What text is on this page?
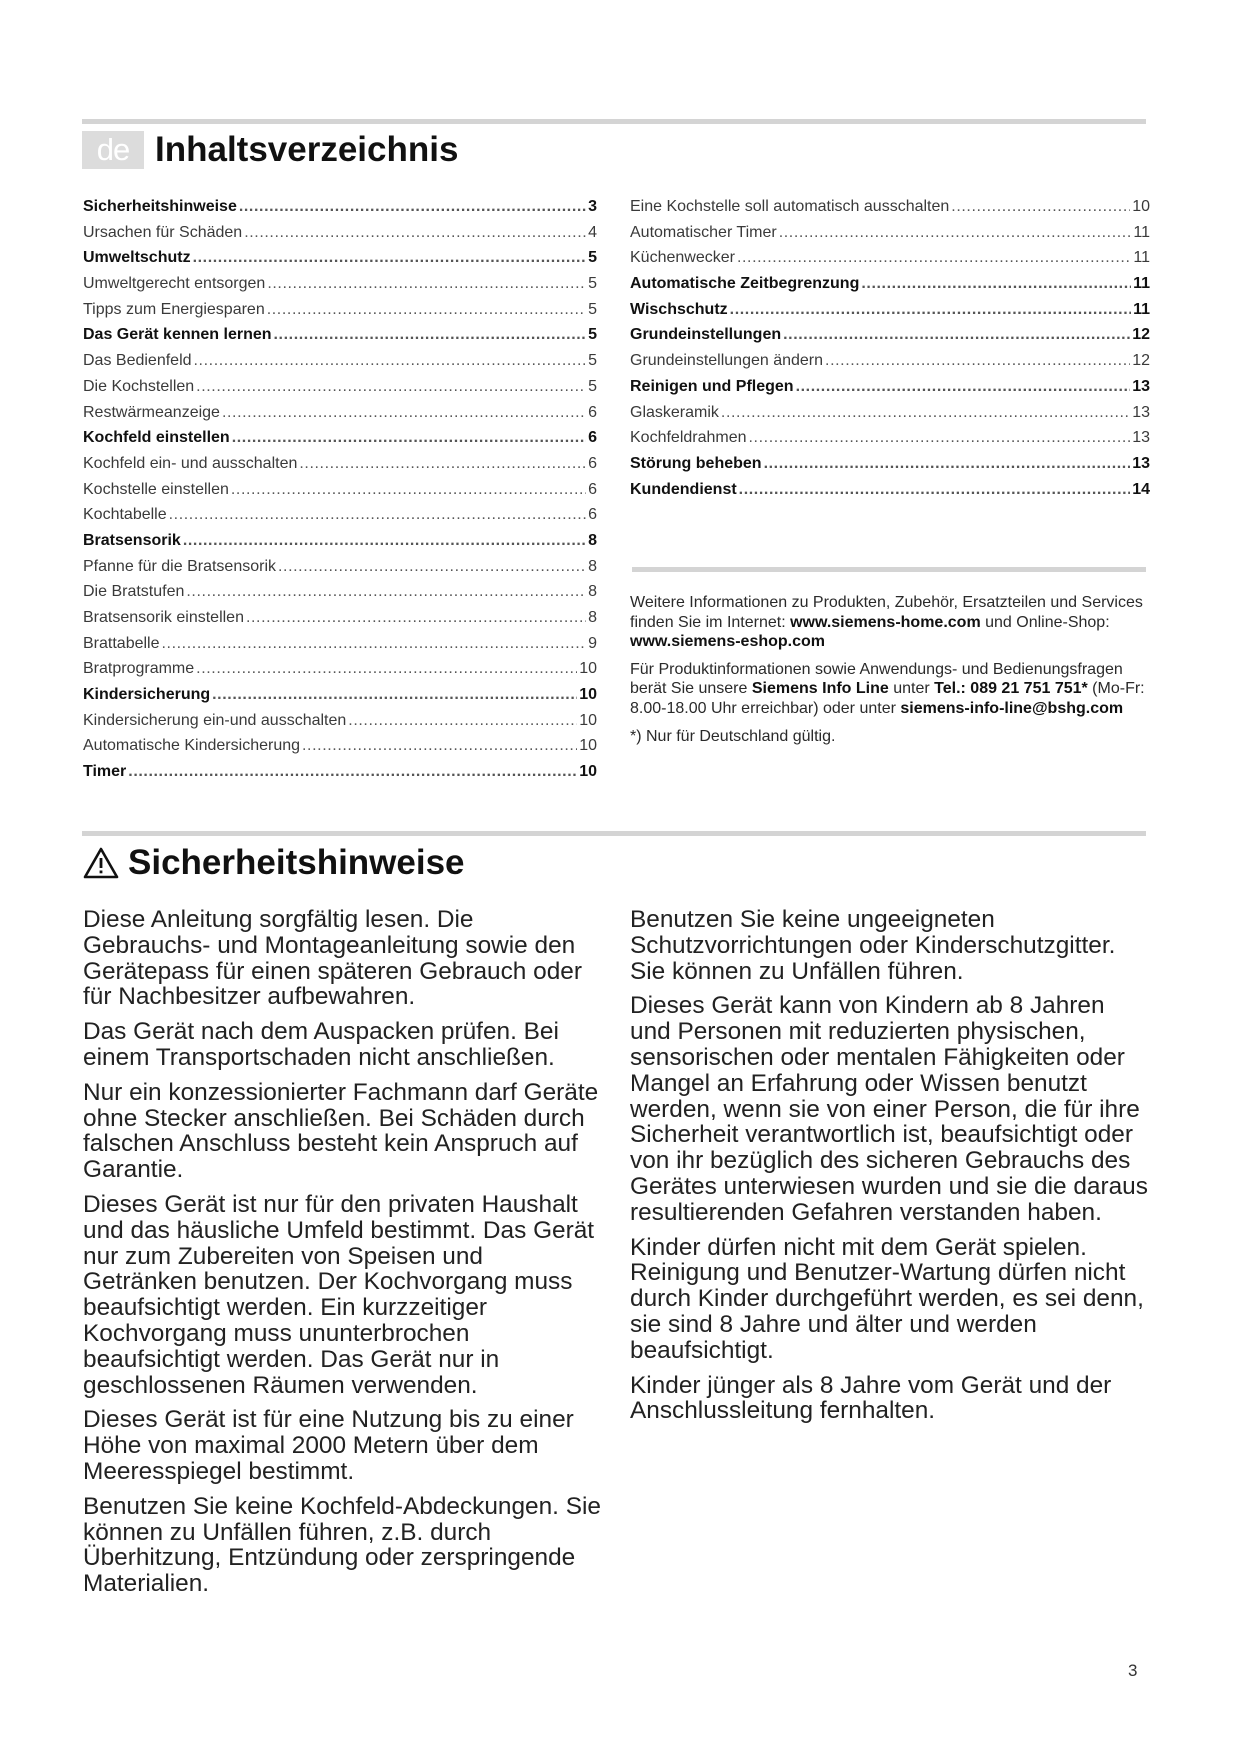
de Inhaltsverzeichnis
Sicherheitshinweise .....	3
Ursachen für Schäden .....	4
Umweltschutz .....	5
Umweltgerecht entsorgen .....	5
Tipps zum Energiesparen .....	5
Das Gerät kennen lernen .....	5
Das Bedienfeld .....	5
Die Kochstellen .....	5
Restwärmeanzeige .....	6
Kochfeld einstellen .....	6
Kochfeld ein- und ausschalten .....	6
Kochstelle einstellen .....	6
Kochtabelle .....	6
Bratsensorik .....	8
Pfanne für die Bratsensorik .....	8
Die Bratstufen .....	8
Bratsensorik einstellen .....	8
Brattabelle .....	9
Bratprogramme .....	10
Kindersicherung .....	10
Kindersicherung ein-und ausschalten .....	10
Automatische Kindersicherung .....	10
Timer .....	10
Eine Kochstelle soll automatisch ausschalten .....	10
Automatischer Timer .....	11
Küchenwecker .....	11
Automatische Zeitbegrenzung .....	11
Wischschutz .....	11
Grundeinstellungen .....	12
Grundeinstellungen ändern .....	12
Reinigen und Pflegen .....	13
Glaskeramik .....	13
Kochfeldrahmen .....	13
Störung beheben .....	13
Kundendienst .....	14

Weitere Informationen zu Produkten, Zubehör, Ersatzteilen und Services finden Sie im Internet: www.siemens-home.com und Online-Shop: www.siemens-eshop.com

Für Produktinformationen sowie Anwendungs- und Bedienungsfragen berät Sie unsere Siemens Info Line unter Tel.: 089 21 751 751* (Mo-Fr: 8.00-18.00 Uhr erreichbar) oder unter siemens-info-line@bshg.com

*) Nur für Deutschland gültig.

Sicherheitshinweise

Diese Anleitung sorgfältig lesen. Die Gebrauchs- und Montageanleitung sowie den Gerätepass für einen späteren Gebrauch oder für Nachbesitzer aufbewahren.

Das Gerät nach dem Auspacken prüfen. Bei einem Transportschaden nicht anschließen.

Nur ein konzessionierter Fachmann darf Geräte ohne Stecker anschließen. Bei Schäden durch falschen Anschluss besteht kein Anspruch auf Garantie.

Dieses Gerät ist nur für den privaten Haushalt und das häusliche Umfeld bestimmt. Das Gerät nur zum Zubereiten von Speisen und Getränken benutzen. Der Kochvorgang muss beaufsichtigt werden. Ein kurzzeitiger Kochvorgang muss ununterbrochen beaufsichtigt werden. Das Gerät nur in geschlossenen Räumen verwenden.

Dieses Gerät ist für eine Nutzung bis zu einer Höhe von maximal 2000 Metern über dem Meeresspiegel bestimmt.

Benutzen Sie keine Kochfeld-Abdeckungen. Sie können zu Unfällen führen, z.B. durch Überhitzung, Entzündung oder zerspringende Materialien.

Benutzen Sie keine ungeeigneten Schutzvorrichtungen oder Kinderschutzgitter. Sie können zu Unfällen führen.

Dieses Gerät kann von Kindern ab 8 Jahren und Personen mit reduzierten physischen, sensorischen oder mentalen Fähigkeiten oder Mangel an Erfahrung oder Wissen benutzt werden, wenn sie von einer Person, die für ihre Sicherheit verantwortlich ist, beaufsichtigt oder von ihr bezüglich des sicheren Gebrauchs des Gerätes unterwiesen wurden und sie die daraus resultierenden Gefahren verstanden haben.

Kinder dürfen nicht mit dem Gerät spielen. Reinigung und Benutzer-Wartung dürfen nicht durch Kinder durchgeführt werden, es sei denn, sie sind 8 Jahre und älter und werden beaufsichtigt.

Kinder jünger als 8 Jahre vom Gerät und der Anschlussleitung fernhalten.

3
